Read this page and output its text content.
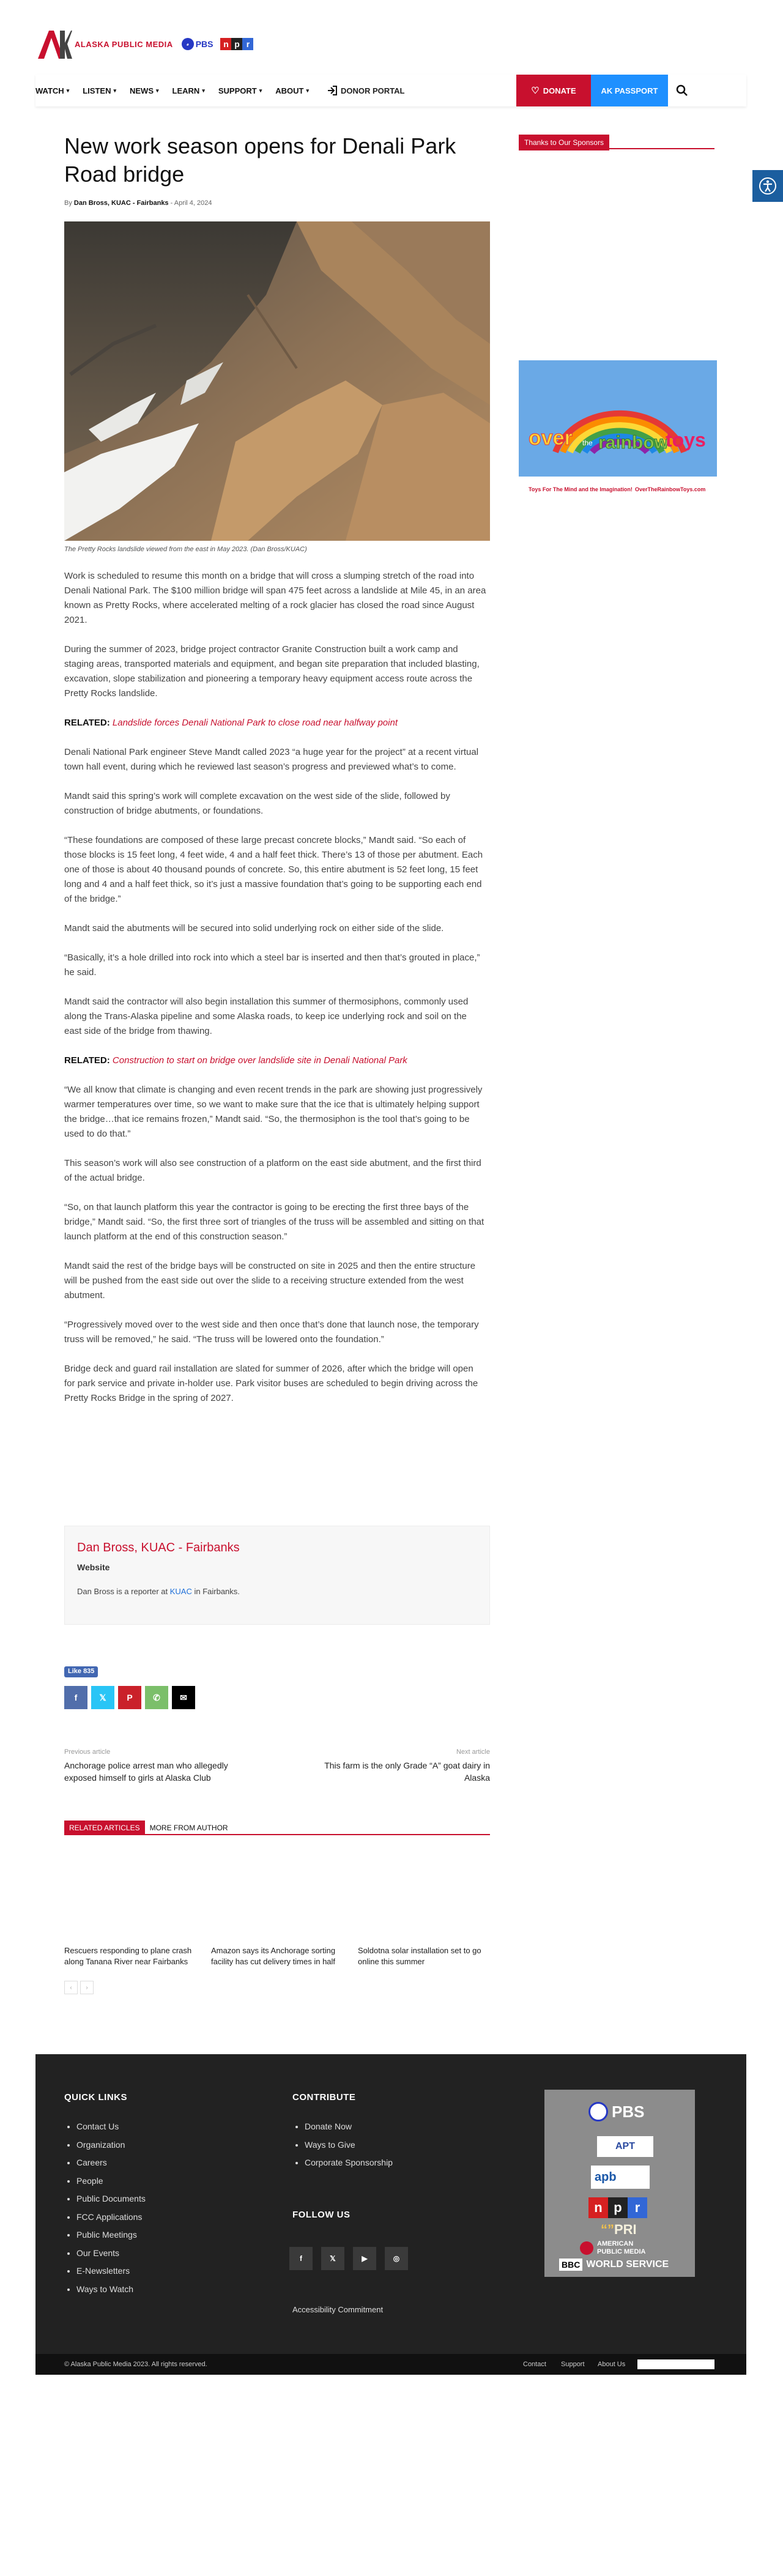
ALASKA PUBLIC MEDIA	◕ PBS	n p r
WATCH ▾ LISTEN ▾ NEWS ▾ LEARN ▾ SUPPORT ▾ ABOUT ▾	DONOR PORTAL	♡ DONATE	AK PASSPORT
New work season opens for Denali Park Road bridge
By Dan Bross, KUAC - Fairbanks - April 4, 2024
The Pretty Rocks landslide viewed from the east in May 2023. (Dan Bross/KUAC)

Work is scheduled to resume this month on a bridge that will cross a slumping stretch of the road into Denali National Park. The $100 million bridge will span 475 feet across a landslide at Mile 45, in an area known as Pretty Rocks, where accelerated melting of a rock glacier has closed the road since August 2021.

During the summer of 2023, bridge project contractor Granite Construction built a work camp and staging areas, transported materials and equipment, and began site preparation that included blasting, excavation, slope stabilization and pioneering a temporary heavy equipment access route across the Pretty Rocks landslide.

RELATED: Landslide forces Denali National Park to close road near halfway point

Denali National Park engineer Steve Mandt called 2023 “a huge year for the project” at a recent virtual town hall event, during which he reviewed last season’s progress and previewed what’s to come.

Mandt said this spring’s work will complete excavation on the west side of the slide, followed by construction of bridge abutments, or foundations.

“These foundations are composed of these large precast concrete blocks,” Mandt said. “So each of those blocks is 15 feet long, 4 feet wide, 4 and a half feet thick. There’s 13 of those per abutment. Each one of those is about 40 thousand pounds of concrete. So, this entire abutment is 52 feet long, 15 feet long and 4 and a half feet thick, so it’s just a massive foundation that’s going to be supporting each end of the bridge.”

Mandt said the abutments will be secured into solid underlying rock on either side of the slide.

“Basically, it’s a hole drilled into rock into which a steel bar is inserted and then that’s grouted in place,” he said.

Mandt said the contractor will also begin installation this summer of thermosiphons, commonly used along the Trans-Alaska pipeline and some Alaska roads, to keep ice underlying rock and soil on the east side of the bridge from thawing.

RELATED: Construction to start on bridge over landslide site in Denali National Park

“We all know that climate is changing and even recent trends in the park are showing just progressively warmer temperatures over time, so we want to make sure that the ice that is ultimately helping support the bridge…that ice remains frozen,” Mandt said. “So, the thermosiphon is the tool that’s going to be used to do that.”

This season’s work will also see construction of a platform on the east side abutment, and the first third of the actual bridge.

“So, on that launch platform this year the contractor is going to be erecting the first three bays of the bridge,” Mandt said. “So, the first three sort of triangles of the truss will be assembled and sitting on that launch platform at the end of this construction season.”

Mandt said the rest of the bridge bays will be constructed on site in 2025 and then the entire structure will be pushed from the east side out over the slide to a receiving structure extended from the west abutment.

“Progressively moved over to the west side and then once that’s done that launch nose, the temporary truss will be removed,” he said. “The truss will be lowered onto the foundation.”

Bridge deck and guard rail installation are slated for summer of 2026, after which the bridge will open for park service and private in-holder use. Park visitor buses are scheduled to begin driving across the Pretty Rocks Bridge in the spring of 2027.

Dan Bross, KUAC - Fairbanks
Website
Dan Bross is a reporter at KUAC in Fairbanks.
Like 835
f	𝕏	P	✆	✉
Previous article
Anchorage police arrest man who allegedly exposed himself to girls at Alaska Club
Next article
This farm is the only Grade “A” goat dairy in Alaska
RELATED ARTICLES	MORE FROM AUTHOR
Rescuers responding to plane crash along Tanana River near Fairbanks
Amazon says its Anchorage sorting facility has cut delivery times in half
Soldotna solar installation set to go online this summer
‹	›
Thanks to Our Sponsors
over the rainbow
toys
Toys For The Mind and the Imagination! OverTheRainbowToys.com
QUICK LINKS
• Contact Us
• Organization
• Careers
• People
• Public Documents
• FCC Applications
• Public Meetings
• Our Events
• E-Newsletters
• Ways to Watch
CONTRIBUTE
• Donate Now
• Ways to Give
• Corporate Sponsorship
FOLLOW US
f	𝕏	▶	◎
Accessibility Commitment
PBS
APT
apb
n p r
“”PRI
AMERICAN
PUBLIC MEDIA
BBC WORLD SERVICE
© Alaska Public Media 2023. All rights reserved.	Contact Support About Us
